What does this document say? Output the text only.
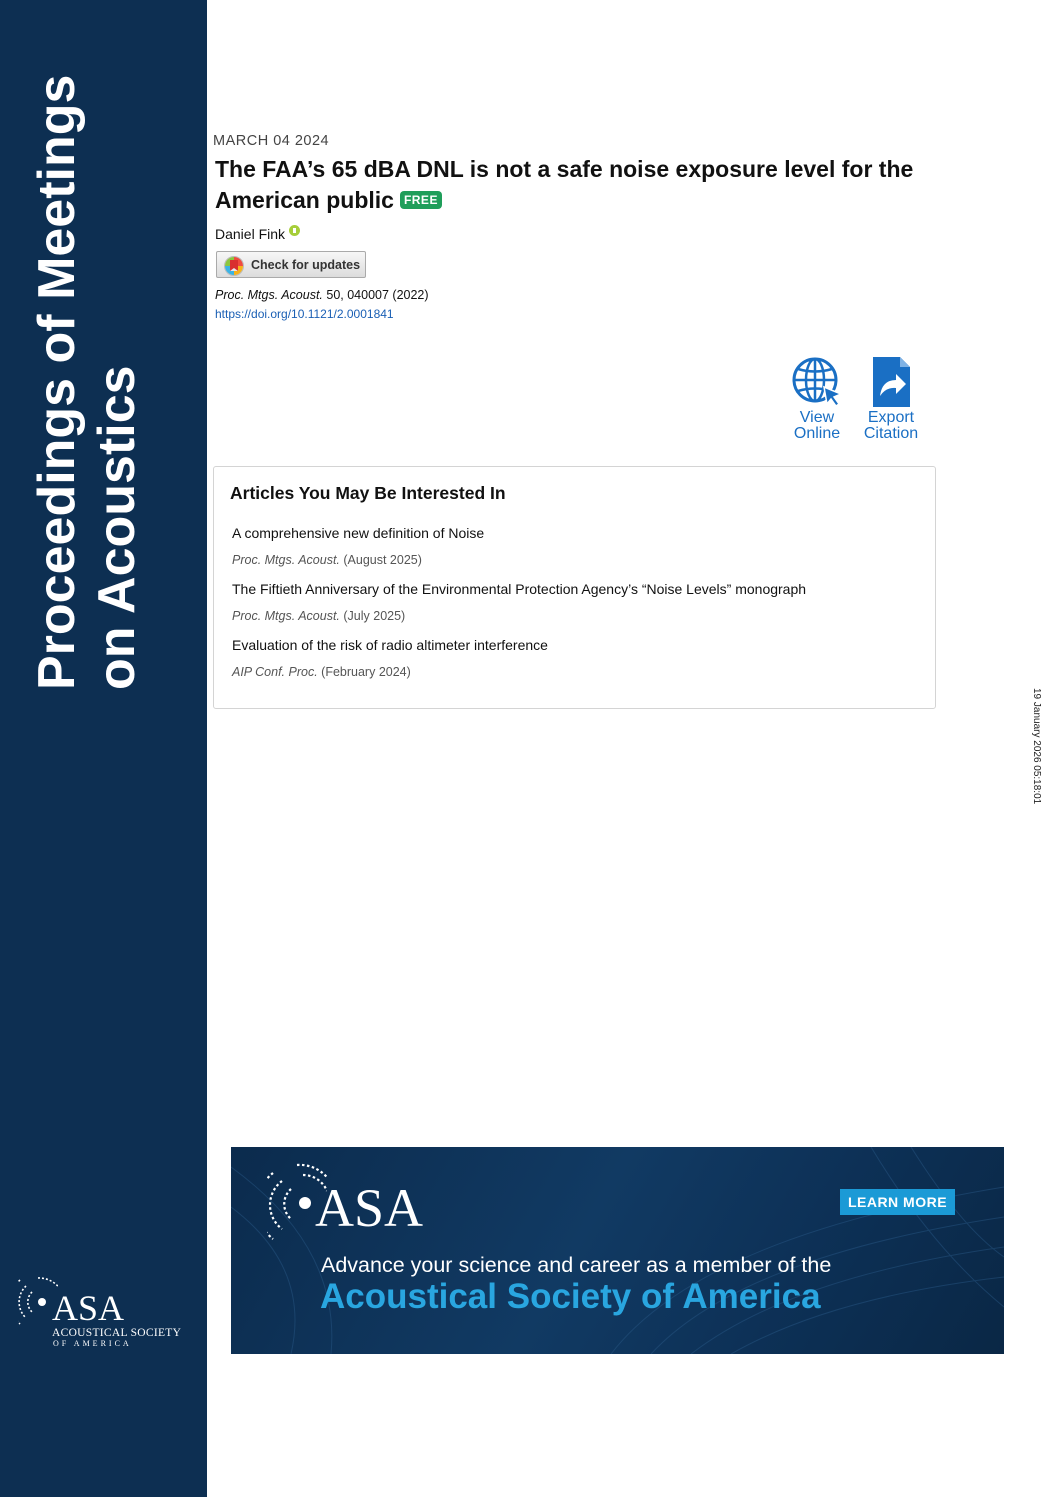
Proceedings of Meetings on Acoustics
ASA
ACOUSTICAL SOCIETY
OF AMERICA
MARCH 04 2024
The FAA’s 65 dBA DNL is not a safe noise exposure level for the American public FREE
Daniel Fink
Check for updates
Proc. Mtgs. Acoust. 50, 040007 (2022)
https://doi.org/10.1121/2.0001841
View
Online
Export
Citation
Articles You May Be Interested In
A comprehensive new definition of Noise
Proc. Mtgs. Acoust. (August 2025)
The Fiftieth Anniversary of the Environmental Protection Agency’s “Noise Levels” monograph
Proc. Mtgs. Acoust. (July 2025)
Evaluation of the risk of radio altimeter interference
AIP Conf. Proc. (February 2024)
19 January 2026 05:18:01
ASA	LEARN MORE
Advance your science and career as a member of the
Acoustical Society of America
